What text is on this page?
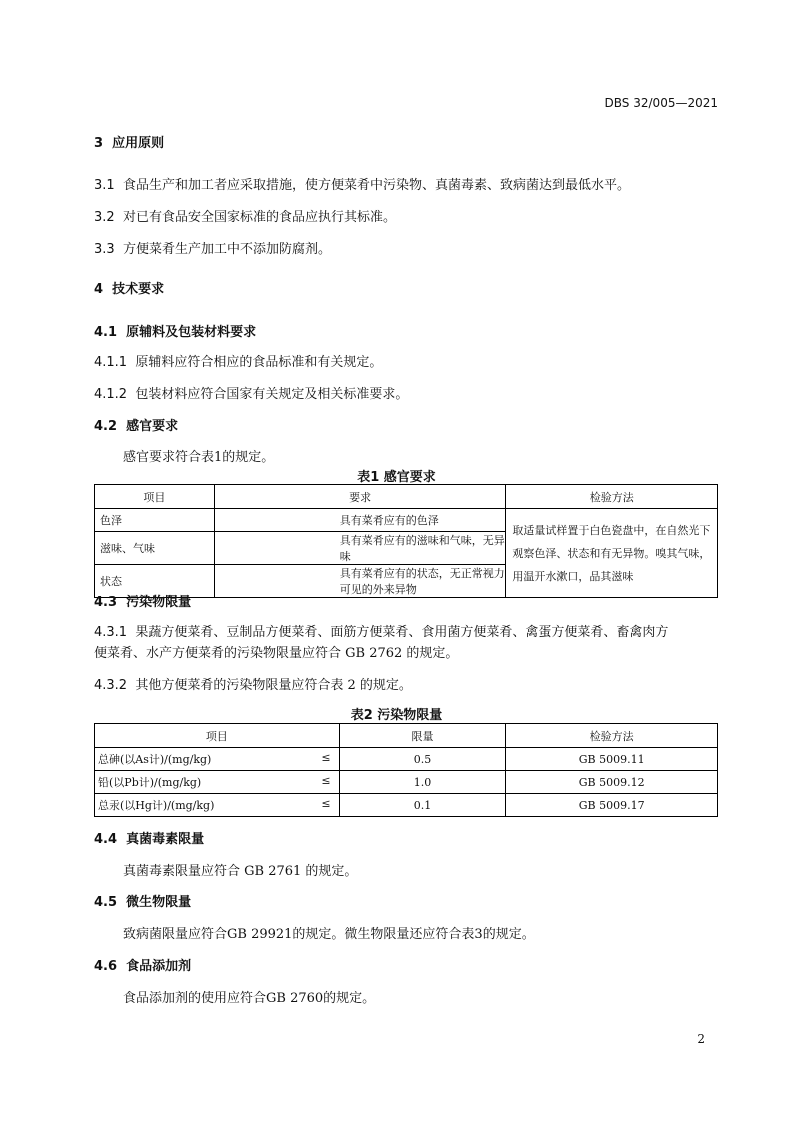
DBS 32/005—2021
3 应用原则
3.1 食品生产和加工者应采取措施，使方便菜肴中污染物、真菌毒素、致病菌达到最低水平。
3.2 对已有食品安全国家标准的食品应执行其标准。
3.3 方便菜肴生产加工中不添加防腐剂。
4 技术要求
4.1 原辅料及包装材料要求
4.1.1 原辅料应符合相应的食品标准和有关规定。
4.1.2 包装材料应符合国家有关规定及相关标准要求。
4.2 感官要求
感官要求符合表1的规定。
表1 感官要求
项目	要求	检验方法
色泽	具有菜肴应有的色泽	取适量试样置于白色瓷盘中，在自然光下观察色泽、状态和有无异物。嗅其气味，用温开水漱口，品其滋味
滋味、气味	具有菜肴应有的滋味和气味，无异味	
状态	具有菜肴应有的状态，无正常视力可见的外来异物	
4.3 污染物限量
4.3.1 果蔬方便菜肴、豆制品方便菜肴、面筋方便菜肴、食用菌方便菜肴、禽蛋方便菜肴、畜禽肉方
便菜肴、水产方便菜肴的污染物限量应符合 GB 2762 的规定。
4.3.2 其他方便菜肴的污染物限量应符合表 2 的规定。
表2 污染物限量
项目	限量	检验方法
总砷(以As计)/(mg/kg) ≤	0.5	GB 5009.11
铅(以Pb计)/(mg/kg) ≤	1.0	GB 5009.12
总汞(以Hg计)/(mg/kg) ≤	0.1	GB 5009.17
4.4 真菌毒素限量
真菌毒素限量应符合 GB 2761 的规定。
4.5 微生物限量
致病菌限量应符合GB 29921的规定。微生物限量还应符合表3的规定。
4.6 食品添加剂
食品添加剂的使用应符合GB 2760的规定。
2
